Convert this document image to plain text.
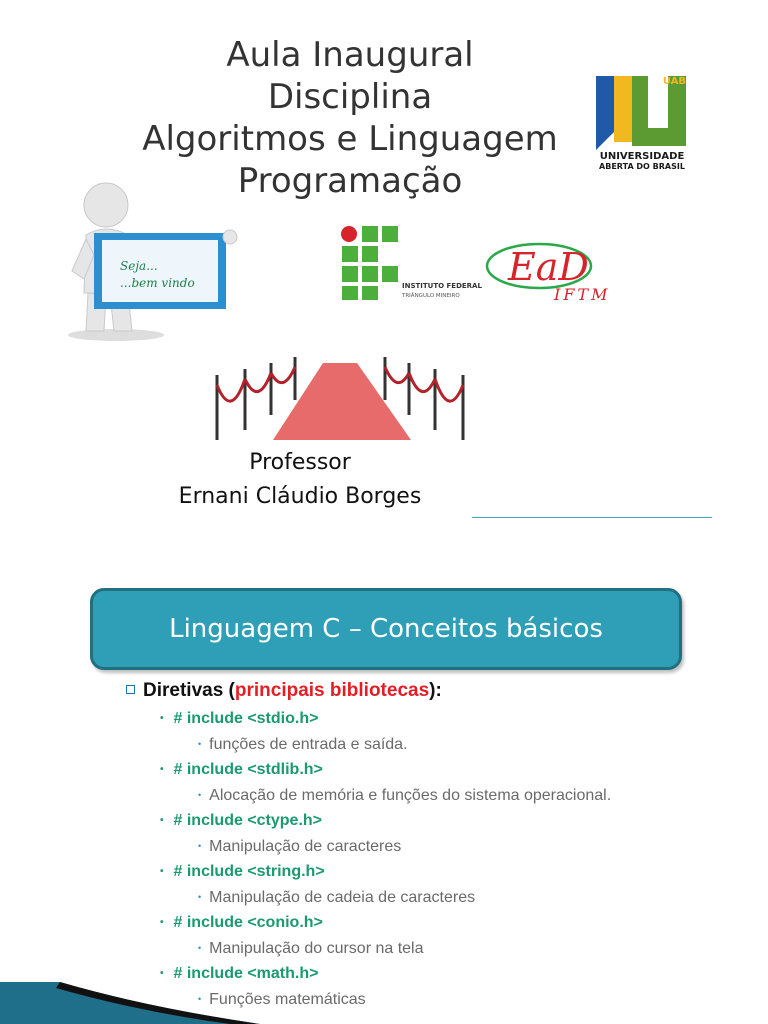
Aula Inaugural
Disciplina
Algoritmos e Linguagem
Programação
UAB
UNIVERSIDADE
ABERTA DO BRASIL
Seja...
...bem vindo	INSTITUTO FEDERAL
TRIÂNGULO MINEIRO
EaD
IFTM
Professor
Ernani Cláudio Borges
Linguagem C – Conceitos básicos
Diretivas (principais bibliotecas):
• # include <stdio.h>
• funções de entrada e saída.
• # include <stdlib.h>
• Alocação de memória e funções do sistema operacional.
• # include <ctype.h>
• Manipulação de caracteres
• # include <string.h>
• Manipulação de cadeia de caracteres
• # include <conio.h>
• Manipulação do cursor na tela
• # include <math.h>
• Funções matemáticas
